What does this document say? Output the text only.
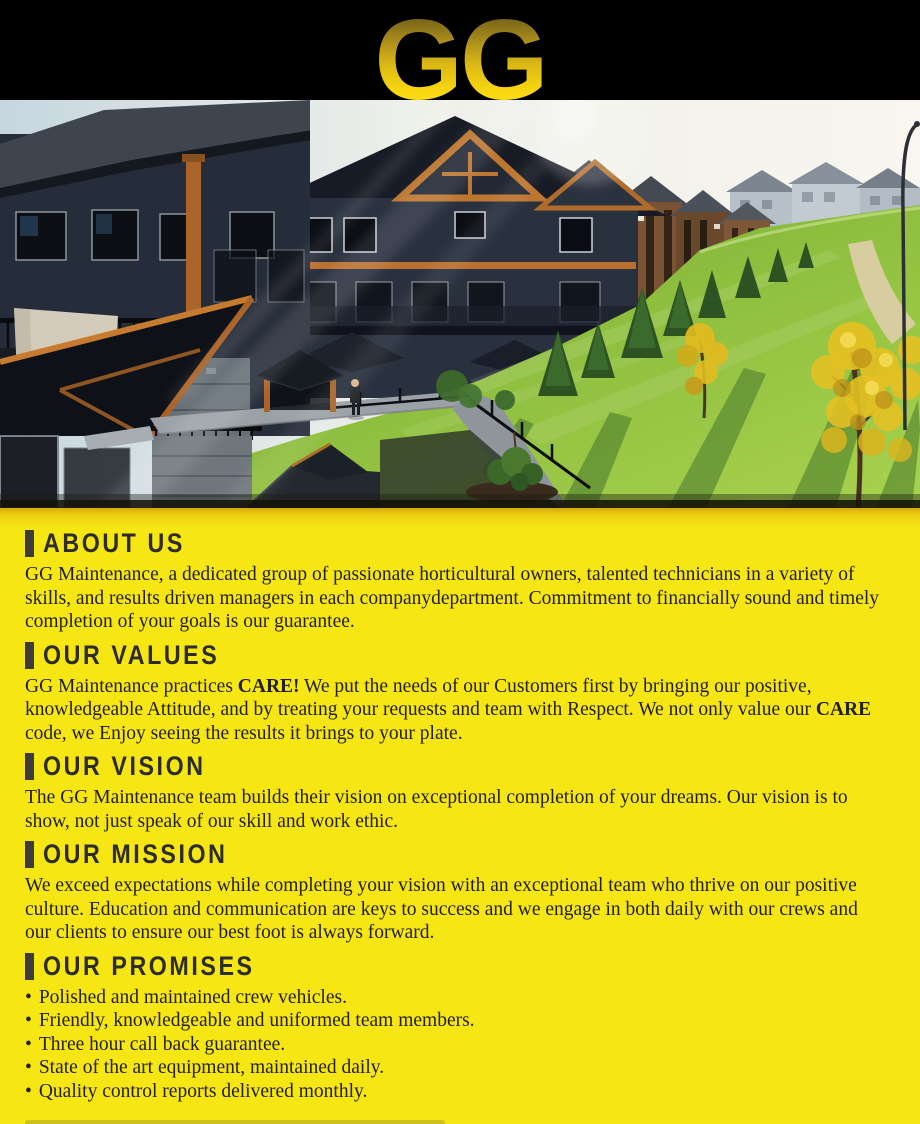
GG
ABOUT US

GG Maintenance, a dedicated group of passionate horticultural owners, talented technicians in a variety of skills, and results driven managers in each companydepartment. Commitment to financially sound and timely completion of your goals is our guarantee.

OUR VALUES

GG Maintenance practices CARE! We put the needs of our Customers first by bringing our positive, knowledgeable Attitude, and by treating your requests and team with Respect. We not only value our CARE code, we Enjoy seeing the results it brings to your plate.

OUR VISION

The GG Maintenance team builds their vision on exceptional completion of your dreams. Our vision is to show, not just speak of our skill and work ethic.

OUR MISSION

We exceed expectations while completing your vision with an exceptional team who thrive on our positive culture. Education and communication are keys to success and we engage in both daily with our crews and our clients to ensure our best foot is always forward.

OUR PROMISES
• Polished and maintained crew vehicles.
• Friendly, knowledgeable and uniformed team members.
• Three hour call back guarantee.
• State of the art equipment, maintained daily.
• Quality control reports delivered monthly.
